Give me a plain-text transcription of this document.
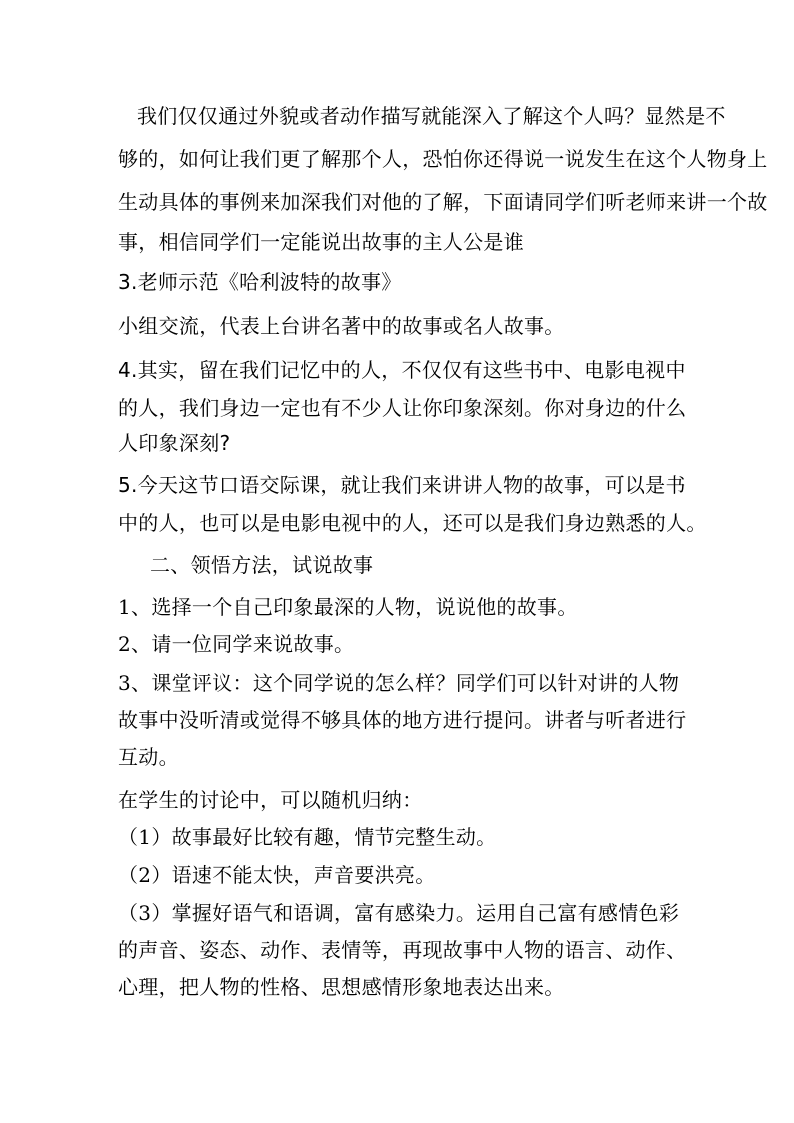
我们仅仅通过外貌或者动作描写就能深入了解这个人吗？显然是不
够的，如何让我们更了解那个人，恐怕你还得说一说发生在这个人物身上
生动具体的事例来加深我们对他的了解，下面请同学们听老师来讲一个故
事，相信同学们一定能说出故事的主人公是谁
3.老师示范《哈利波特的故事》
小组交流，代表上台讲名著中的故事或名人故事。
4.其实，留在我们记忆中的人，不仅仅有这些书中、电影电视中
的人，我们身边一定也有不少人让你印象深刻。你对身边的什么
人印象深刻?
5.今天这节口语交际课，就让我们来讲讲人物的故事，可以是书
中的人，也可以是电影电视中的人，还可以是我们身边熟悉的人。
二、领悟方法，试说故事
1、选择一个自己印象最深的人物，说说他的故事。
2、请一位同学来说故事。
3、课堂评议：这个同学说的怎么样？同学们可以针对讲的人物
故事中没听清或觉得不够具体的地方进行提问。讲者与听者进行
互动。
在学生的讨论中，可以随机归纳：
（1）故事最好比较有趣，情节完整生动。
（2）语速不能太快，声音要洪亮。
（3）掌握好语气和语调，富有感染力。运用自己富有感情色彩
的声音、姿态、动作、表情等，再现故事中人物的语言、动作、
心理，把人物的性格、思想感情形象地表达出来。
